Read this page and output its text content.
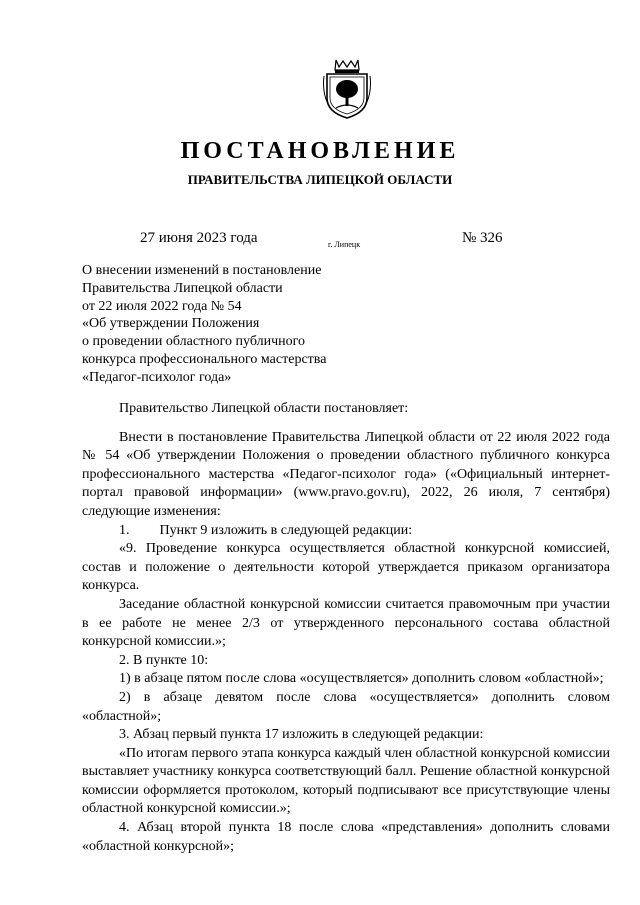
ПОСТАНОВЛЕНИЕ
ПРАВИТЕЛЬСТВА ЛИПЕЦКОЙ ОБЛАСТИ
27 июня 2023 года	г. Липецк	№ 326
О внесении изменений в постановление
Правительства Липецкой области
от 22 июля 2022 года № 54
«Об утверждении Положения
о проведении областного публичного
конкурса профессионального мастерства
«Педагог-психолог года»

Правительство Липецкой области постановляет:

Внести в постановление Правительства Липецкой области от 22 июля 2022 года № 54 «Об утверждении Положения о проведении областного публичного конкурса профессионального мастерства «Педагог-психолог года» («Официальный интернет-портал правовой информации» (www.pravo.gov.ru), 2022, 26 июля, 7 сентября) следующие изменения:

1. Пункт 9 изложить в следующей редакции:

«9. Проведение конкурса осуществляется областной конкурсной комиссией, состав и положение о деятельности которой утверждается приказом организатора конкурса.

Заседание областной конкурсной комиссии считается правомочным при участии в ее работе не менее 2/3 от утвержденного персонального состава областной конкурсной комиссии.»;

2. В пункте 10:

1) в абзаце пятом после слова «осуществляется» дополнить словом «областной»;

2) в абзаце девятом после слова «осуществляется» дополнить словом «областной»;

3. Абзац первый пункта 17 изложить в следующей редакции:

«По итогам первого этапа конкурса каждый член областной конкурсной комиссии выставляет участнику конкурса соответствующий балл. Решение областной конкурсной комиссии оформляется протоколом, который подписывают все присутствующие члены областной конкурсной комиссии.»;

4. Абзац второй пункта 18 после слова «представления» дополнить словами «областной конкурсной»;
